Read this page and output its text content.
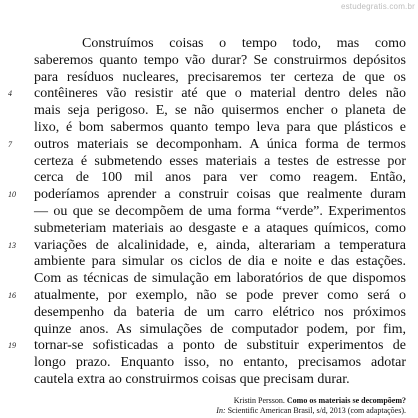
estudegratis.com.br
Construímos coisas o tempo todo, mas como
saberemos quanto tempo vão durar? Se construirmos depósitos
para resíduos nucleares, precisaremos ter certeza de que os
4	contêineres vão resistir até que o material dentro deles não
mais seja perigoso. E, se não quisermos encher o planeta de
lixo, é bom sabermos quanto tempo leva para que plásticos e
7	outros materiais se decomponham. A única forma de termos
certeza é submetendo esses materiais a testes de estresse por
cerca de 100 mil anos para ver como reagem. Então,
10	poderíamos aprender a construir coisas que realmente duram
— ou que se decompõem de uma forma “verde”. Experimentos
submeteriam materiais ao desgaste e a ataques químicos, como
13	variações de alcalinidade, e, ainda, alterariam a temperatura
ambiente para simular os ciclos de dia e noite e das estações.
Com as técnicas de simulação em laboratórios de que dispomos
16	atualmente, por exemplo, não se pode prever como será o
desempenho da bateria de um carro elétrico nos próximos
quinze anos. As simulações de computador podem, por fim,
19	tornar-se sofisticadas a ponto de substituir experimentos de
longo prazo. Enquanto isso, no entanto, precisamos adotar
cautela extra ao construirmos coisas que precisam durar.
Kristin Persson. Como os materiais se decompõem?
In: Scientific American Brasil, s/d, 2013 (com adaptações).
